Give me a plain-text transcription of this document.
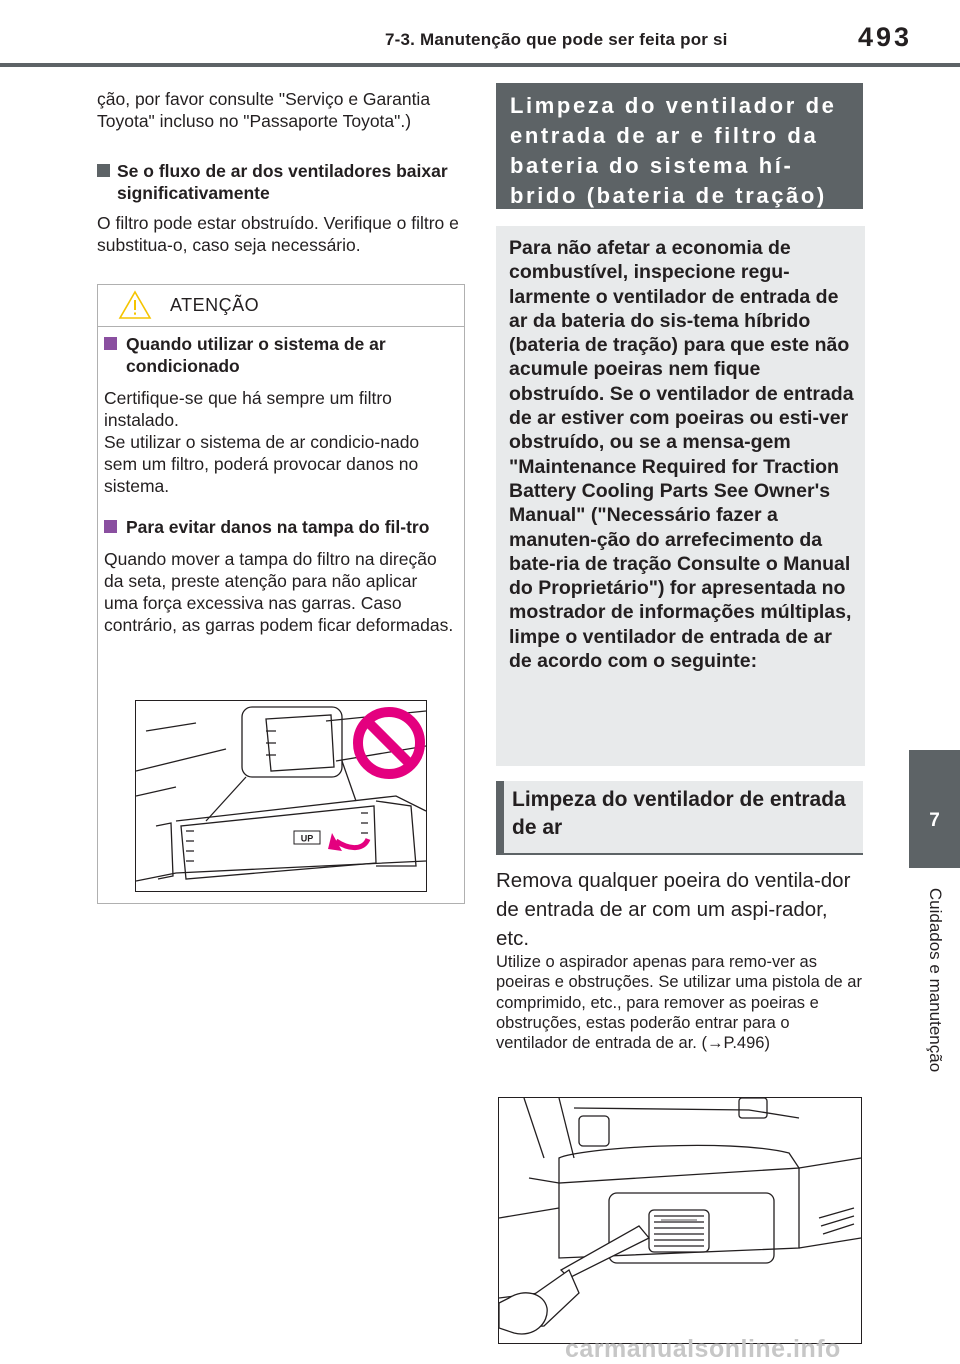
7-3. Manutenção que pode ser feita por si	493
7
Cuidados e manutenção
ção, por favor consulte "Serviço e Garantia Toyota" incluso no "Passaporte Toyota".)
Se o fluxo de ar dos ventiladores baixar significativamente
O filtro pode estar obstruído. Verifique o filtro e substitua-o, caso seja necessário.
ATENÇÃO
Quando utilizar o sistema de ar condicionado
Certifique-se que há sempre um filtro instalado.
Se utilizar o sistema de ar condicio-nado sem um filtro, poderá provocar danos no sistema.
Para evitar danos na tampa do fil-tro
Quando mover a tampa do filtro na direção da seta, preste atenção para não aplicar uma força excessiva nas garras. Caso contrário, as garras podem ficar deformadas.
UP
Limpeza do ventilador de entrada de ar e filtro da bateria do sistema hí-brido (bateria de tração)
Para não afetar a economia de combustível, inspecione regu-larmente o ventilador de entrada de ar da bateria do sis-tema híbrido (bateria de tração) para que este não acumule poeiras nem fique obstruído. Se o ventilador de entrada de ar estiver com poeiras ou esti-ver obstruído, ou se a mensa-gem "Maintenance Required for Traction Battery Cooling Parts See Owner's Manual" ("Necessário fazer a manuten-ção do arrefecimento da bate-ria de tração Consulte o Manual do Proprietário") for apresentada no mostrador de informações múltiplas, limpe o ventilador de entrada de ar de acordo com o seguinte:
Limpeza do ventilador de entrada de ar
Remova qualquer poeira do ventila-dor de entrada de ar com um aspi-rador, etc.
Utilize o aspirador apenas para remo-ver as poeiras e obstruções. Se utilizar uma pistola de ar comprimido, etc., para remover as poeiras e obstruções, estas poderão entrar para o ventilador de entrada de ar. (→P.496)
carmanualsonline.info
